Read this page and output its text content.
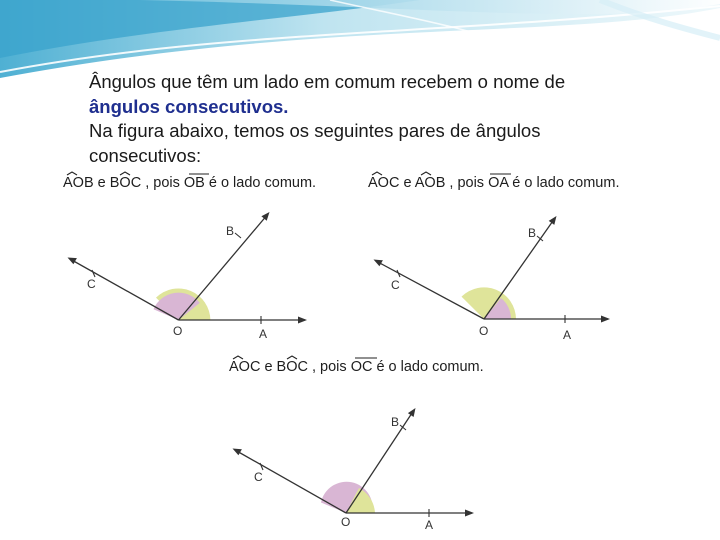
Ângulos que têm um lado em comum recebem o nome de
ângulos consecutivos.
Na figura abaixo, temos os seguintes pares de ângulos
consecutivos:
AOB e BOC , pois OB é o lado comum.
O	A
B
C
AOC e AOB , pois OA é o lado comum.
O	A
B
C
AOC e BOC , pois OC é o lado comum.
O	A
B
C
